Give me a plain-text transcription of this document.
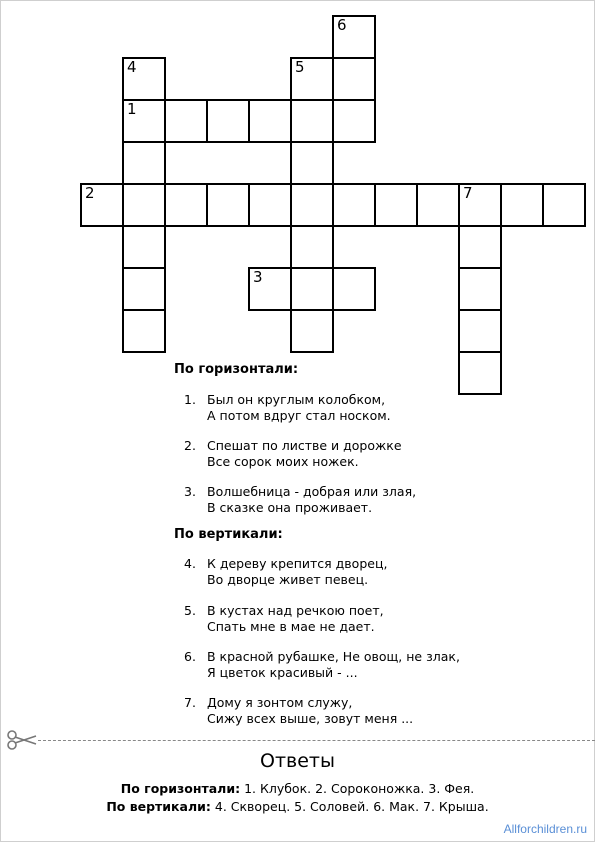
6
4
1
5
2	7
3
По горизонтали:
1. Был он круглым колобком,
А потом вдруг стал носком.
2. Спешат по листве и дорожке
Все сорок моих ножек.
3. Волшебница - добрая или злая,
В сказке она проживает.
По вертикали:
4. К дереву крепится дворец,
Во дворце живет певец.
5. В кустах над речкою поет,
Спать мне в мае не дает.
6. В красной рубашке, Не овощ, не злак,
Я цветок красивый - ...
7. Дому я зонтом служу,
Сижу всех выше, зовут меня ...
Ответы
По горизонтали: 1. Клубок. 2. Сороконожка. 3. Фея.
По вертикали: 4. Скворец. 5. Соловей. 6. Мак. 7. Крыша.
Allforchildren.ru
